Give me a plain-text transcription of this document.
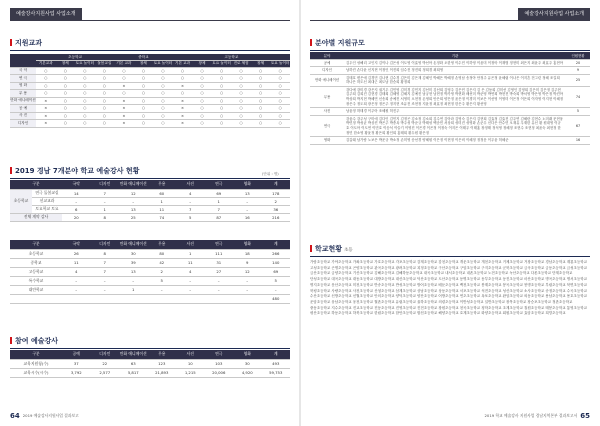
예술강사지원사업 사업소개
지원교과
	초등학교				중학교			고등학교					
	기본교과	창체	토요 놀이터	돌봄교실	기본 교과	창체	토요 놀이터	기본 교과	창체	토요 놀이터	진로 체험	창체	토요 놀이터
국 악	○	○	○	○	○	○	○	○	○	○	○	○	○
연 극	○	○	○	○	○	○	○	○	○	○	○	○	○
영 화	○	○	○	○	×	○	○	×	○	○	○	○	○
무 용	○	○	○	○	○	○	○	○	○	○	○	○	○
만화 애니메이션	×	○	○	○	×	○	○	×	○	○	○	○	○
공 예	×	○	○	○	×	○	○	×	○	○	○	○	○
사 진	×	○	○	○	×	○	○	×	○	○	○	○	○
디자인	×	○	○	○	×	○	○	×	○	○	○	○	○
2019 경남 7개분야 학교 예술강사 현황	(단위 : 명)
구분		국악	디자인	만화 애니메이션	무용	사진	연극	영화	계
초등학교	연극 돌봄교실	14	7	12	60	4	69	13	178
	선교교과	–	–	–	1	–	1	–	2
	토요학교 토요	6	1	13	11	7	7	–	36
전체 계약 감사		20	8	25	74	5	87	16	216
구분	국악	디자인	만화 애니메이션	무용	사진	연극	영화	계
초등학교	26	8	30	80	1	111	18	266
중학교	11	7	39	42	11	31	9	140
고등학교	4	7	13	2	4	27	12	69
특수학교	–	–	–	5	–	–	–	5
대안학교	–	–	1	–	–	–	–	–
								480
참여 예술강사
구분	공예	디자인	만화 애니메이션	무용	사진	연극	영화	계
교육지원청(수)	37	22	63	123	10	103	30	493
교육시수(시수)	3,792	2,577	5,817	21,893	1,215	20,006	4,920	59,753
64 2019 예술강사지원사업 결과보고
예술강사지원사업 사업소개
분야별 지원규모
분야	기관	인원현황
공예	김두인 성해리 고인지 김이나 김은성 이도영 이효영 박선아 손정화 오한영 이수민 이하영 이윤미 이정아 이재범 정현미 최은지 최윤주 최효주 홍현아	20
디자인	남하진 손다윤 신지현 이정인 이진희 임수진 정진희 정희경 최희영	9
만화 애니메이션	김태호 변은애 김경민 김나현 김수경 김은미 김은재 김혜인 박혜은 박혜정 손영남 송정아 안정주 유은정 윤혜림 이나은 이지흔 전그린 정혜 조길희 하나은 허도신 최대근 최도남 한승희 황정희	25
무용	강다예 강미경 강은지 권기우 김민영 김미경 김민지 김선미 김선희 김영주 김은민 김은지 김 은 김동희 김미선 김영인 김영희 김은미 김은정 김주현 김주희 김희진 김현경 김태희 김혜영 김혜지 김예진 남궁현 남현정 박가영 박현화 배선미 박준영 박연희 박현진 박숙희 박서영 박은영 박은정 박진아 박상희 박지현 박혜연 신송희 송예진 서영미 오현정 손영희 안은희 양은정 윤은정 이경미 이보은 이선영 이영미 이은정 이은희 이자영 이지현 이혜정 장은주 정도희 장은정 정은주 정지현 조유진 조현정 지윤정 최효정 최현정 한은주 황은지 황선영	74
사진	남윤정 허태경 이주아 조혜원 허진주	5
연극	강윤수 강주성 구미애 김다인 김민지 김정곤 김소정 김소희 김수연 김아라 김영숙 김은지 김현희 김효정 김효진 김주연 김혜란 김현수 노미래 문현웅 박민정 박성균 박상진 박은주 박종옥 박주성 박준규 박태성 백준민 서상희 성미진 성영화 손준우 신다은 안수민 오재유 우재한 유신 황 원대영 이규호 이도아 이도연 이민호 이승석 이슬기 이영진 이은경 이은정 이정숙 이지은 이태우 이태홍 장정태 정석영 정혜정 조현수 조현정 최윤숙 최현정 한정민 한소영 황윤정 황은희 황인희 홍태희 황두원 황은정	67
영화	김갑래 남가람 노보은 박운규 박소정 손미영 송선경 양혜원 이은정 이현정 이은비 이혜정 정정운 이우윤 허혜준	16
학교현황 초등
가람초등학교 가야초등학교 가좌초등학교 가호초등학교 각포초등학교 감계초등학교 감천초등학교 개운초등학교 개천초등학교 거제초등학교 거창초등학교 경남초등학교 계룡초등학교 고성초등학교 곤명초등학교 곤양초등학교 관곡초등학교 광려초등학교 괴정초등학교 구산초등학교 구암초등학교 구지초등학교 군북초등학교 금곡초등학교 금동초등학교 금성초등학교 금산초등학교 금양초등학교 기산초등학교 김해초등학교 김해하동초등학교 내곡초등학교 내서초등학교 내촌초등학교 노전초등학교 녹산초등학교 다촌초등학교 단계초등학교 단성초등학교 대곡초등학교 대동초등학교 대방초등학교 대산초등학교 덕산초등학교 도산초등학교 동명초등학교 동부초등학교 동진초등학교 마산초등학교 명곡초등학교 명서초등학교 명지초등학교 문산초등학교 미천초등학교 반송초등학교 반성초등학교 방어초등학교 배둔초등학교 백천초등학교 봉계초등학교 봉곡초등학교 봉명초등학교 부림초등학교 북면초등학교 북평초등학교 사량초등학교 사천초등학교 산청초등학교 삼계초등학교 상남초등학교 상동초등학교 서포초등학교 석전초등학교 성산초등학교 소사초등학교 송정초등학교 수곡초등학교 수산초등학교 신방초등학교 신월초등학교 안의초등학교 양덕초등학교 양산초등학교 어방초등학교 연초초등학교 옥포초등학교 완암초등학교 외동초등학교 용남초등학교 용호초등학교 운암초등학교 웅남초등학교 웅천초등학교 월촌초등학교 유림초등학교 율하초등학교 의령초등학교 이반성초등학교 일반초등학교 장목초등학교 장승포초등학교 정촌초등학교 중동초등학교 지수초등학교 진교초등학교 진동초등학교 진영초등학교 진전초등학교 창원초등학교 천곡초등학교 청학초등학교 초계초등학교 칠원초등학교 태봉초등학교 통영초등학교 평산초등학교 하동초등학교 하북초등학교 한림초등학교 함안초등학교 합천초등학교 해양초등학교 호계초등학교 화양초등학교 회원초등학교 효암초등학교 희망초등학교
2019 학교 예술강사 지원사업 경남지역본부 결과보고서 65
